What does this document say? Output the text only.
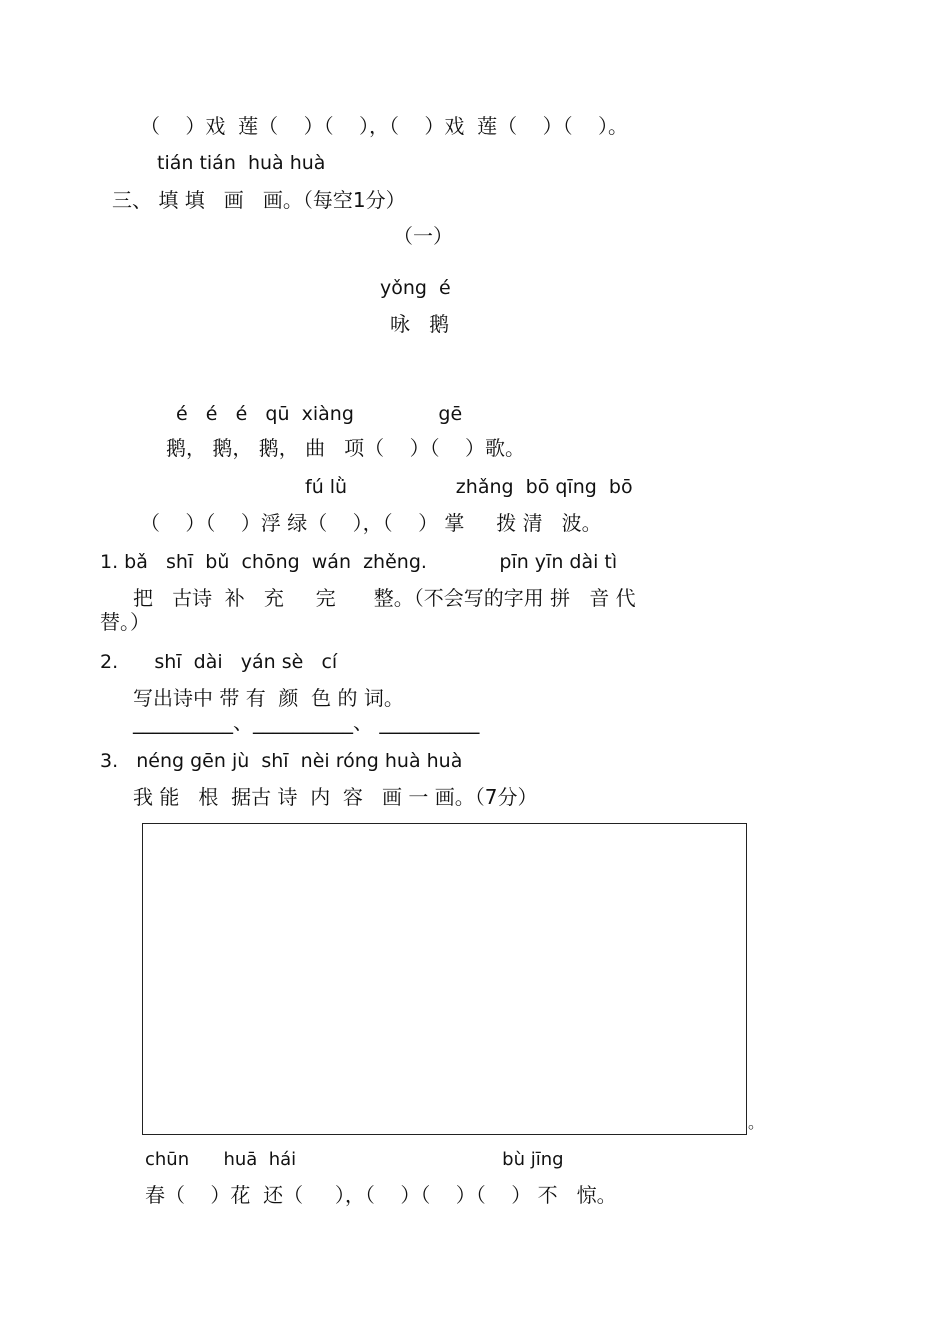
（    ）戏  莲（    ）（    ），（    ）戏  莲（    ）（    ）。
tián tián  huà huà
三、 填 填   画   画。（每空1分）
（一）
yǒng  é
咏   鹅
é   é   é   qū  xiàng              gē
鹅， 鹅， 鹅， 曲   项（    ）（    ）歌。
fú lǜ                  zhǎng  bō qīng  bō
（    ）（    ）浮 绿（    ），（    ） 掌     拨 清   波。
1. bǎ   shī  bǔ  chōng  wán  zhěng.            pīn yīn dài tì
把   古诗  补   充     完      整。（不会写的字用 拼   音 代
替。）
2.      shī  dài   yán sè   cí
写出诗中 带 有  颜  色 的 词。
__________、__________、 __________
3.   néng gēn jù  shī  nèi róng huà huà
我 能   根  据古 诗  内  容   画 一 画。（7分）
。
chūn      huā  hái                                    bù jīng
春（    ）花  还（     ），（    ）（    ）（    ） 不   惊。
